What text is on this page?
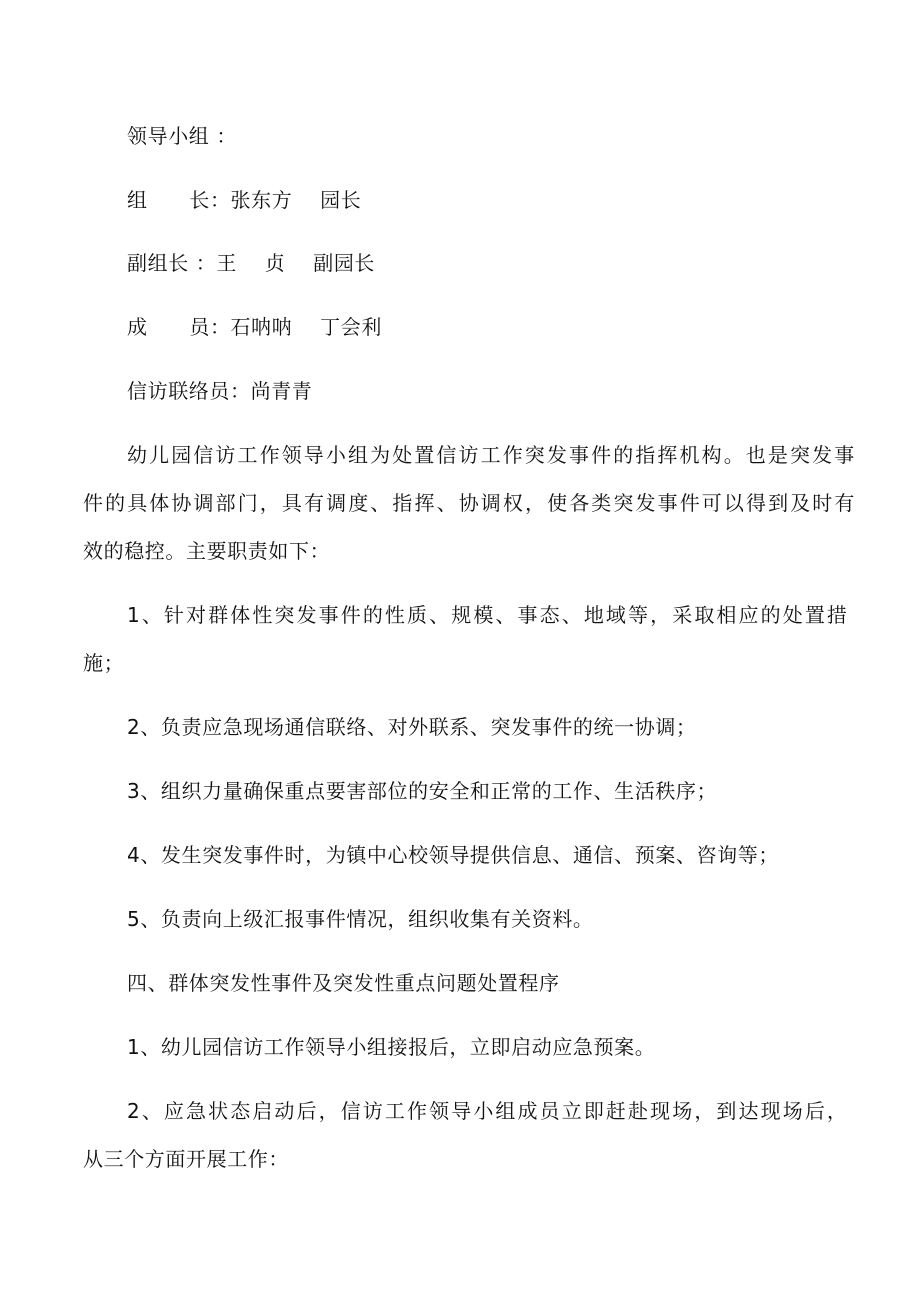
领导小组 ：
组      长：张东方    园长
副组长 ：王    贞    副园长
成      员：石呐呐    丁会利
信访联络员：尚青青
幼儿园信访工作领导小组为处置信访工作突发事件的指挥机构。也是突发事
件的具体协调部门，具有调度、指挥、协调权，使各类突发事件可以得到及时有
效的稳控。主要职责如下：
1、针对群体性突发事件的性质、规模、事态、地域等，采取相应的处置措
施；
2、负责应急现场通信联络、对外联系、突发事件的统一协调；
3、组织力量确保重点要害部位的安全和正常的工作、生活秩序；
4、发生突发事件时，为镇中心校领导提供信息、通信、预案、咨询等；
5、负责向上级汇报事件情况，组织收集有关资料。
四、群体突发性事件及突发性重点问题处置程序
1、幼儿园信访工作领导小组接报后，立即启动应急预案。
2、应急状态启动后，信访工作领导小组成员立即赶赴现场，到达现场后，
从三个方面开展工作：
